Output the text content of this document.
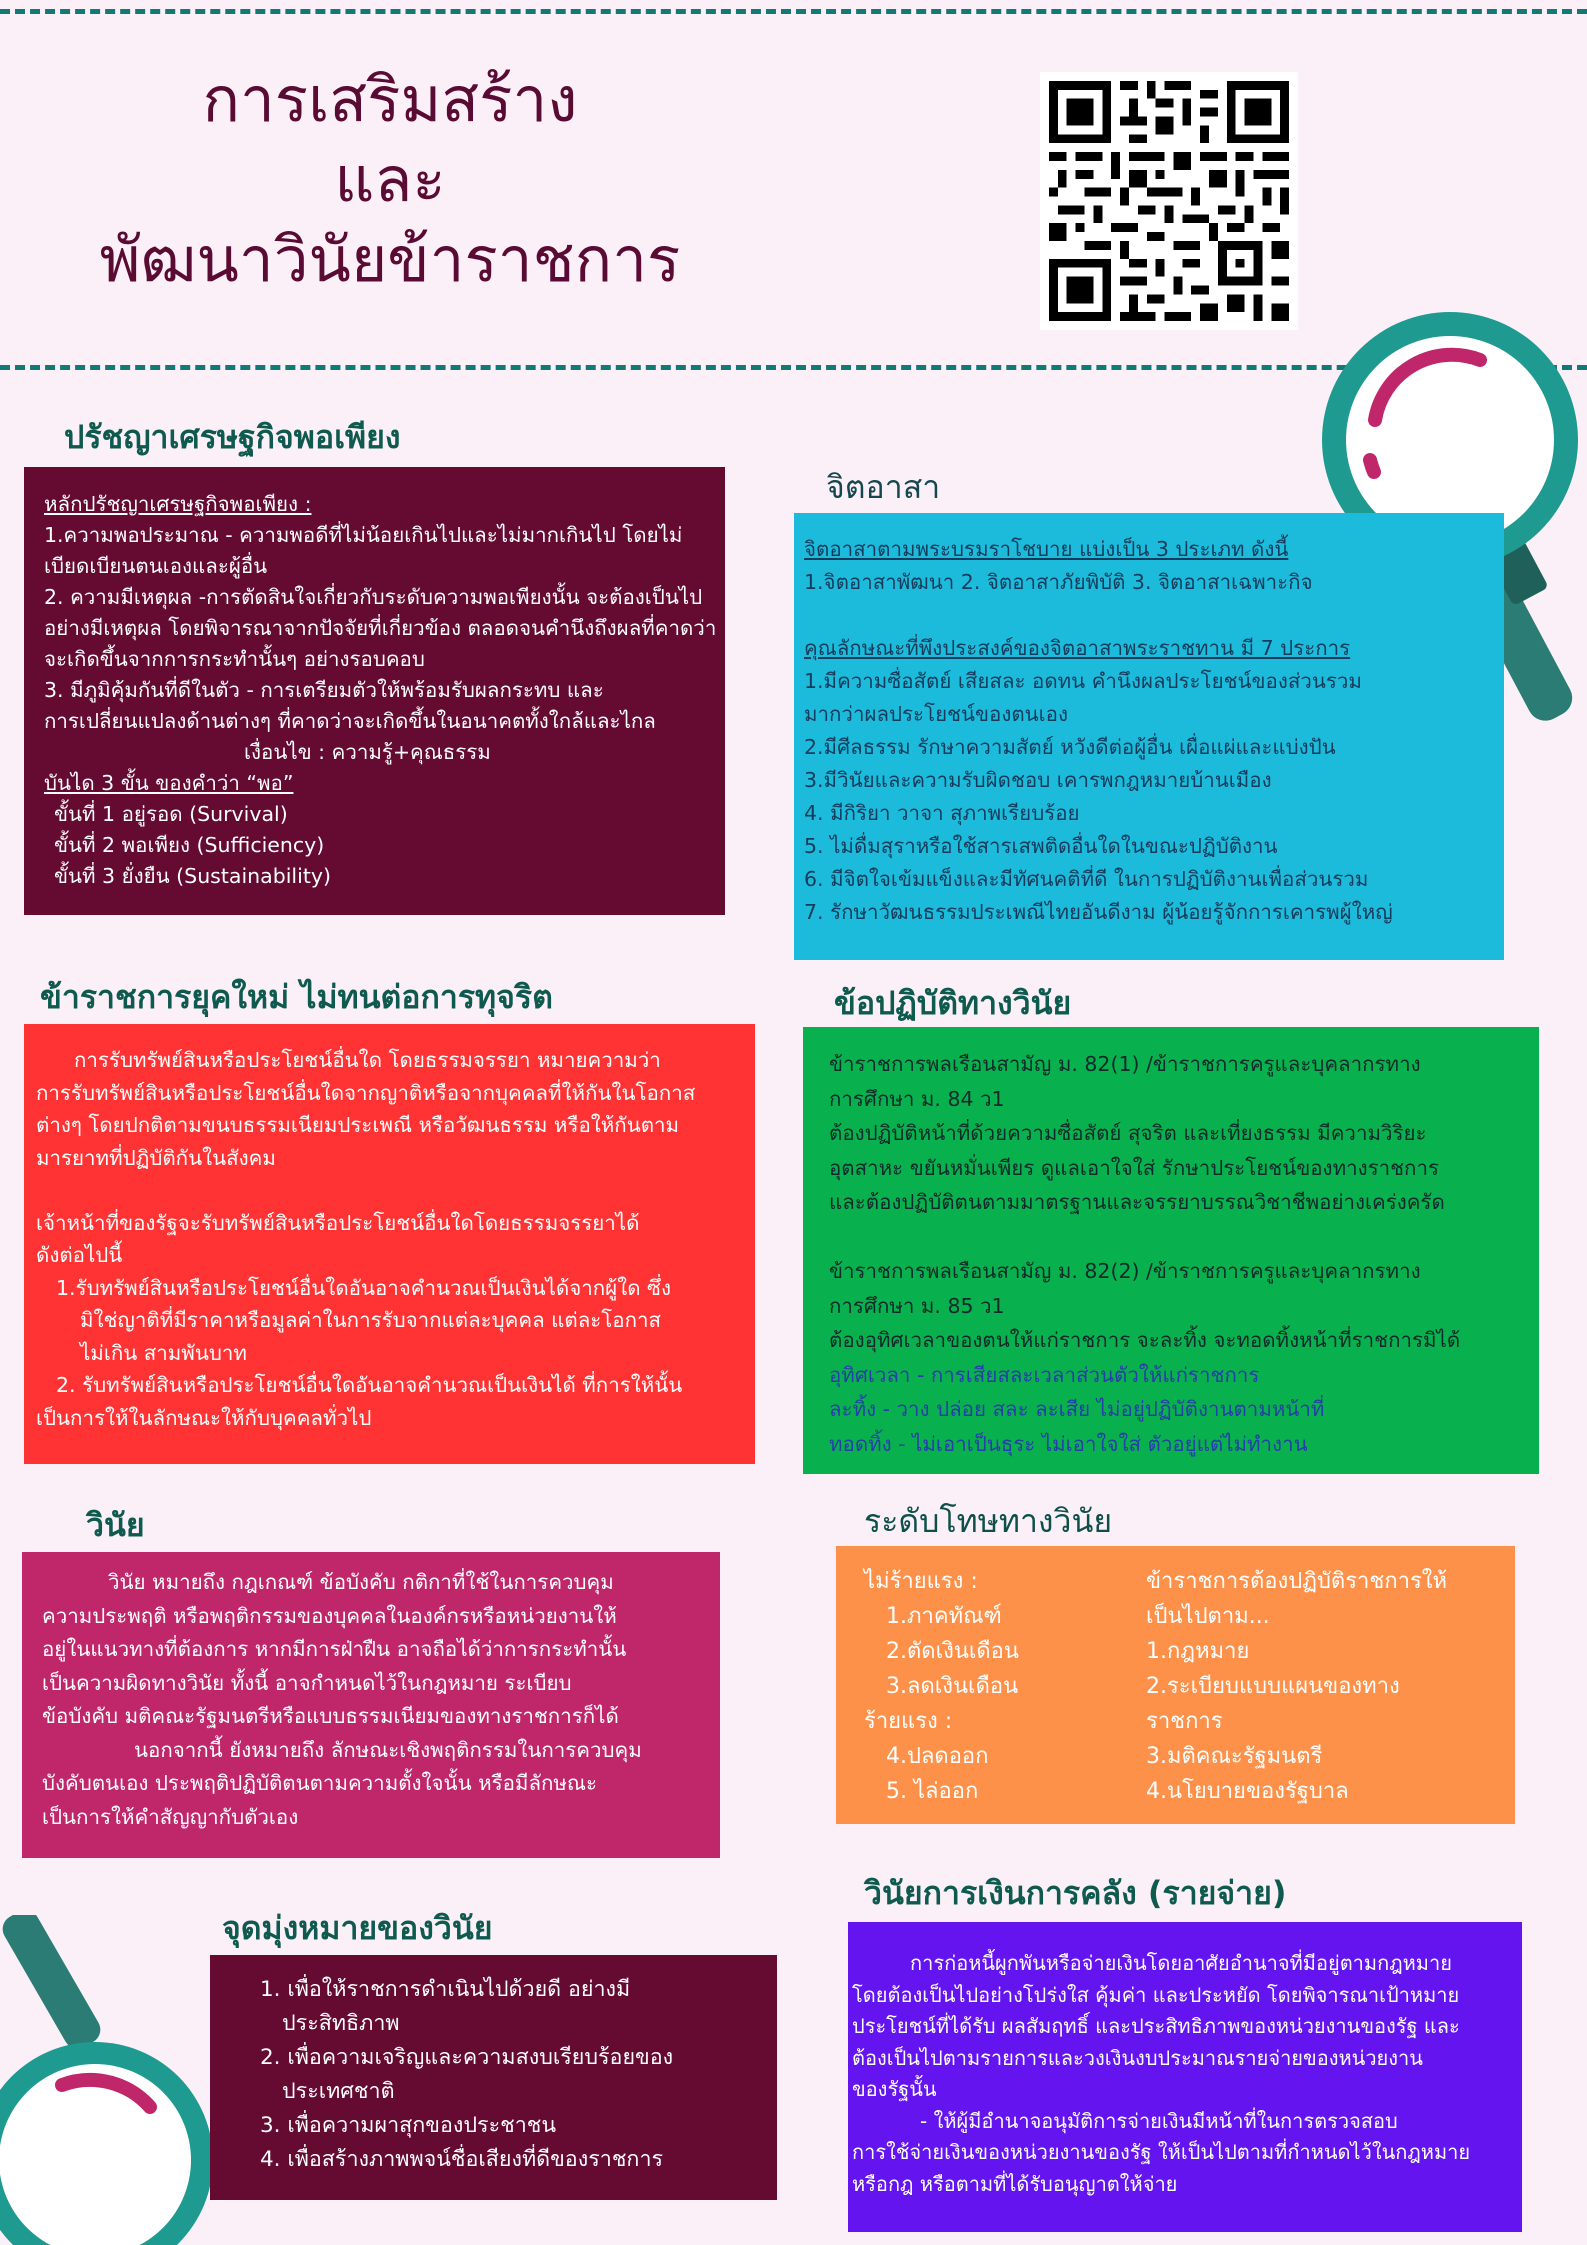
การเสริมสร้าง
และ
พัฒนาวินัยข้าราชการ
ปรัชญาเศรษฐกิจพอเพียง

หลักปรัชญาเศรษฐกิจพอเพียง :

1.ความพอประมาณ - ความพอดีที่ไม่น้อยเกินไปและไม่มากเกินไป โดยไม่

เบียดเบียนตนเองและผู้อื่น

2. ความมีเหตุผล -การตัดสินใจเกี่ยวกับระดับความพอเพียงนั้น จะต้องเป็นไป

อย่างมีเหตุผล โดยพิจารณาจากปัจจัยที่เกี่ยวข้อง ตลอดจนคำนึงถึงผลที่คาดว่า

จะเกิดขึ้นจากการกระทำนั้นๆ อย่างรอบคอบ

3. มีภูมิคุ้มกันที่ดีในตัว - การเตรียมตัวให้พร้อมรับผลกระทบ และ

การเปลี่ยนแปลงด้านต่างๆ ที่คาดว่าจะเกิดขึ้นในอนาคตทั้งใกล้และไกล

เงื่อนไข : ความรู้+คุณธรรม

บันได 3 ขั้น ของคำว่า “พอ”

ขั้นที่ 1 อยู่รอด (Survival)

ขั้นที่ 2 พอเพียง (Sufficiency)

ขั้นที่ 3 ยั่งยืน (Sustainability)

จิตอาสา

จิตอาสาตามพระบรมราโชบาย แบ่งเป็น 3 ประเภท ดังนี้

1.จิตอาสาพัฒนา 2. จิตอาสาภัยพิบัติ 3. จิตอาสาเฉพาะกิจ

คุณลักษณะที่พึงประสงค์ของจิตอาสาพระราชทาน มี 7 ประการ

1.มีความซื่อสัตย์ เสียสละ อดทน คำนึงผลประโยชน์ของส่วนรวม

มากว่าผลประโยชน์ของตนเอง

2.มีศีลธรรม รักษาความสัตย์ หวังดีต่อผู้อื่น เผื่อแผ่และแบ่งปัน

3.มีวินัยและความรับผิดชอบ เคารพกฎหมายบ้านเมือง

4. มีกิริยา วาจา สุภาพเรียบร้อย

5. ไม่ดื่มสุราหรือใช้สารเสพติดอื่นใดในขณะปฏิบัติงาน

6. มีจิตใจเข้มแข็งและมีทัศนคติที่ดี ในการปฏิบัติงานเพื่อส่วนรวม

7. รักษาวัฒนธรรมประเพณีไทยอันดีงาม ผู้น้อยรู้จักการเคารพผู้ใหญ่

ข้าราชการยุคใหม่ ไม่ทนต่อการทุจริต

การรับทรัพย์สินหรือประโยชน์อื่นใด โดยธรรมจรรยา หมายความว่า

การรับทรัพย์สินหรือประโยชน์อื่นใดจากญาติหรือจากบุคคลที่ให้กันในโอกาส

ต่างๆ โดยปกติตามขนบธรรมเนียมประเพณี หรือวัฒนธรรม หรือให้กันตาม

มารยาทที่ปฏิบัติกันในสังคม

เจ้าหน้าที่ของรัฐจะรับทรัพย์สินหรือประโยชน์อื่นใดโดยธรรมจรรยาได้

ดังต่อไปนี้

1.รับทรัพย์สินหรือประโยชน์อื่นใดอันอาจคำนวณเป็นเงินได้จากผู้ใด ซึ่ง

มิใช่ญาติที่มีราคาหรือมูลค่าในการรับจากแต่ละบุคคล แต่ละโอกาส

ไม่เกิน สามพันบาท

2. รับทรัพย์สินหรือประโยชน์อื่นใดอันอาจคำนวณเป็นเงินได้ ที่การให้นั้น

เป็นการให้ในลักษณะให้กับบุคคลทั่วไป

ข้อปฏิบัติทางวินัย

ข้าราชการพลเรือนสามัญ ม. 82(1) /ข้าราชการครูและบุคลากรทาง

การศึกษา ม. 84 ว1

ต้องปฏิบัติหน้าที่ด้วยความซื่อสัตย์ สุจริต และเที่ยงธรรม มีความวิริยะ

อุตสาหะ ขยันหมั่นเพียร ดูแลเอาใจใส่ รักษาประโยชน์ของทางราชการ

และต้องปฏิบัติตนตามมาตรฐานและจรรยาบรรณวิชาชีพอย่างเคร่งครัด

ข้าราชการพลเรือนสามัญ ม. 82(2) /ข้าราชการครูและบุคลากรทาง

การศึกษา ม. 85 ว1

ต้องอุทิศเวลาของตนให้แก่ราชการ จะละทิ้ง จะทอดทิ้งหน้าที่ราชการมิได้

อุทิศเวลา - การเสียสละเวลาส่วนตัวให้แก่ราชการ

ละทิ้ง - วาง ปล่อย สละ ละเสีย ไม่อยู่ปฏิบัติงานตามหน้าที่

ทอดทิ้ง - ไม่เอาเป็นธุระ ไม่เอาใจใส่ ตัวอยู่แต่ไม่ทำงาน

วินัย

วินัย หมายถึง กฎเกณฑ์ ข้อบังคับ กติกาที่ใช้ในการควบคุม

ความประพฤติ หรือพฤติกรรมของบุคคลในองค์กรหรือหน่วยงานให้

อยู่ในแนวทางที่ต้องการ หากมีการฝ่าฝืน อาจถือได้ว่าการกระทำนั้น

เป็นความผิดทางวินัย ทั้งนี้ อาจกำหนดไว้ในกฎหมาย ระเบียบ

ข้อบังคับ มติคณะรัฐมนตรีหรือแบบธรรมเนียมของทางราชการก็ได้

นอกจากนี้ ยังหมายถึง ลักษณะเชิงพฤติกรรมในการควบคุม

บังคับตนเอง ประพฤติปฏิบัติตนตามความตั้งใจนั้น หรือมีลักษณะ

เป็นการให้คำสัญญากับตัวเอง

ระดับโทษทางวินัย

ไม่ร้ายแรง :

1.ภาคทัณฑ์

2.ตัดเงินเดือน

3.ลดเงินเดือน

ร้ายแรง :

4.ปลดออก

5. ไล่ออก

ข้าราชการต้องปฏิบัติราชการให้

เป็นไปตาม...

1.กฎหมาย

2.ระเบียบแบบแผนของทาง

ราชการ

3.มติคณะรัฐมนตรี

4.นโยบายของรัฐบาล

จุดมุ่งหมายของวินัย

1. เพื่อให้ราชการดำเนินไปด้วยดี อย่างมี

ประสิทธิภาพ

2. เพื่อความเจริญและความสงบเรียบร้อยของ

ประเทศชาติ

3. เพื่อความผาสุกของประชาชน

4. เพื่อสร้างภาพพจน์ชื่อเสียงที่ดีของราชการ

วินัยการเงินการคลัง (รายจ่าย)

การก่อหนี้ผูกพันหรือจ่ายเงินโดยอาศัยอำนาจที่มีอยู่ตามกฎหมาย

โดยต้องเป็นไปอย่างโปร่งใส คุ้มค่า และประหยัด โดยพิจารณาเป้าหมาย

ประโยชน์ที่ได้รับ ผลสัมฤทธิ์ และประสิทธิภาพของหน่วยงานของรัฐ และ

ต้องเป็นไปตามรายการและวงเงินงบประมาณรายจ่ายของหน่วยงาน

ของรัฐนั้น

- ให้ผู้มีอำนาจอนุมัติการจ่ายเงินมีหน้าที่ในการตรวจสอบ

การใช้จ่ายเงินของหน่วยงานของรัฐ ให้เป็นไปตามที่กำหนดไว้ในกฎหมาย

หรือกฎ หรือตามที่ได้รับอนุญาตให้จ่าย
